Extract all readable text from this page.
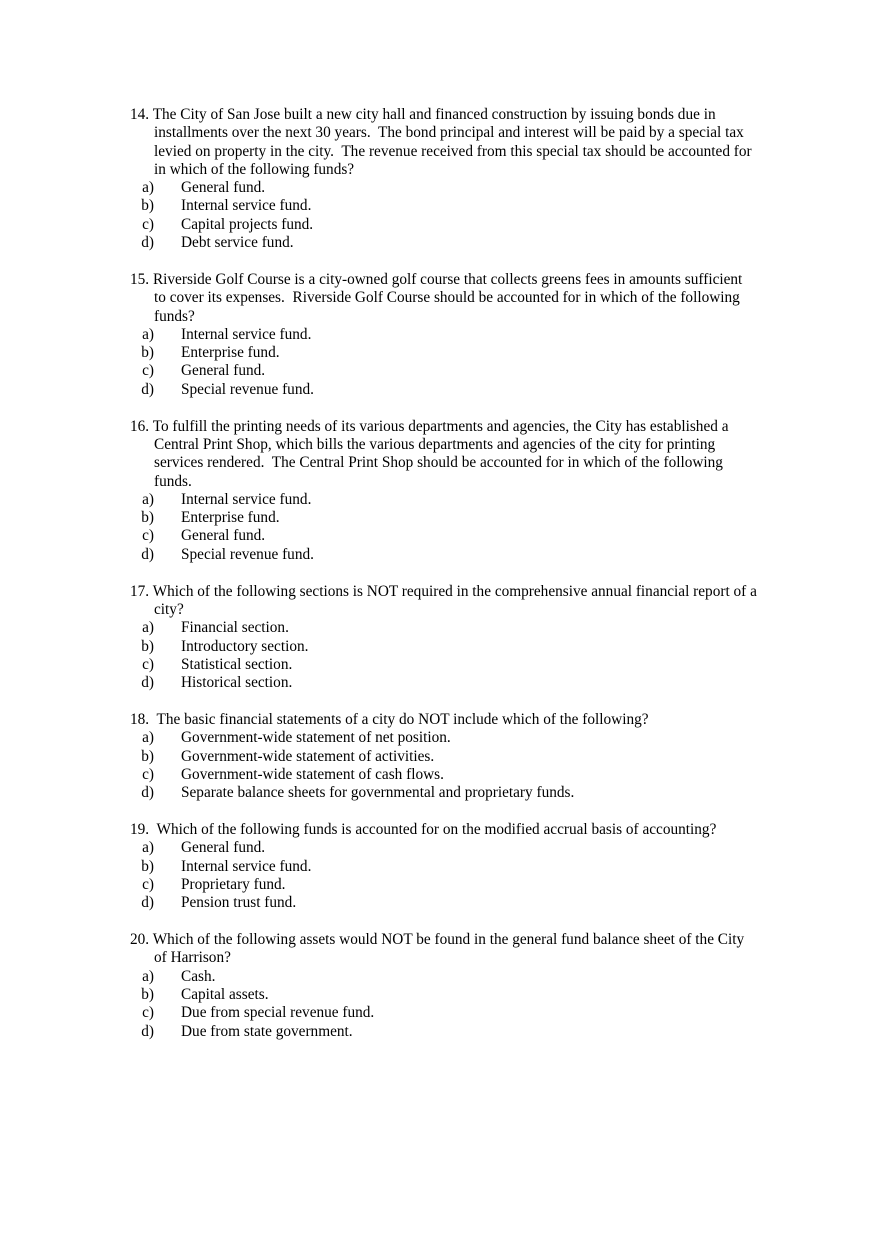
14. The City of San Jose built a new city hall and financed construction by issuing bonds due in installments over the next 30 years.  The bond principal and interest will be paid by a special tax levied on property in the city.  The revenue received from this special tax should be accounted for in which of the following funds?
a) General fund.
b) Internal service fund.
c) Capital projects fund.
d) Debt service fund.
15. Riverside Golf Course is a city-owned golf course that collects greens fees in amounts sufficient to cover its expenses.  Riverside Golf Course should be accounted for in which of the following funds?
a) Internal service fund.
b) Enterprise fund.
c) General fund.
d) Special revenue fund.
16. To fulfill the printing needs of its various departments and agencies, the City has established a Central Print Shop, which bills the various departments and agencies of the city for printing services rendered.  The Central Print Shop should be accounted for in which of the following funds.
a) Internal service fund.
b) Enterprise fund.
c) General fund.
d) Special revenue fund.
17. Which of the following sections is NOT required in the comprehensive annual financial report of a city?
a) Financial section.
b) Introductory section.
c) Statistical section.
d) Historical section.
18.  The basic financial statements of a city do NOT include which of the following?
a) Government-wide statement of net position.
b) Government-wide statement of activities.
c) Government-wide statement of cash flows.
d) Separate balance sheets for governmental and proprietary funds.
19.  Which of the following funds is accounted for on the modified accrual basis of accounting?
a) General fund.
b) Internal service fund.
c) Proprietary fund.
d) Pension trust fund.
20. Which of the following assets would NOT be found in the general fund balance sheet of the City of Harrison?
a) Cash.
b) Capital assets.
c) Due from special revenue fund.
d) Due from state government.
